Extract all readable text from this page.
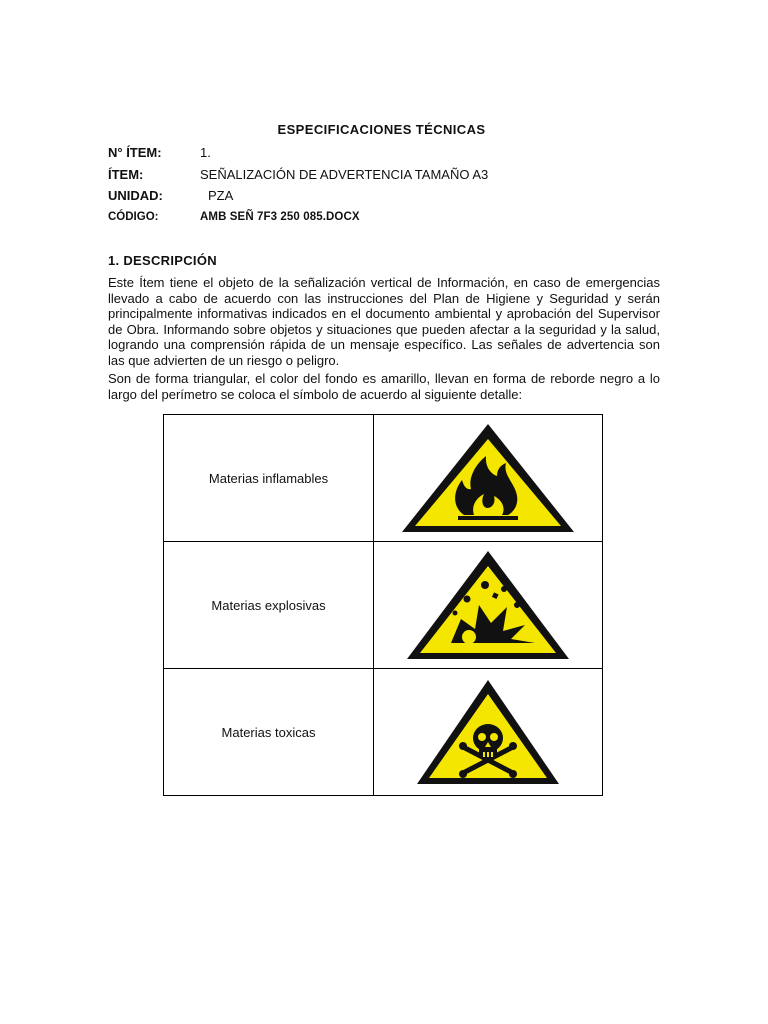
ESPECIFICACIONES TÉCNICAS
N° ÍTEM:	1.
ÍTEM:	SEÑALIZACIÓN DE ADVERTENCIA TAMAÑO A3
UNIDAD:	PZA
CÓDIGO:	AMB SEÑ 7F3 250 085.DOCX
1. DESCRIPCIÓN

Este Ítem tiene el objeto de la señalización vertical de Información, en caso de emergencias llevado a cabo de acuerdo con las instrucciones del Plan de Higiene y Seguridad y serán principalmente informativas indicados en el documento ambiental y aprobación del Supervisor de Obra. Informando sobre objetos y situaciones que pueden afectar a la seguridad y la salud, logrando una comprensión rápida de un mensaje específico. Las señales de advertencia son las que advierten de un riesgo o peligro.

Son de forma triangular, el color del fondo es amarillo, llevan en forma de reborde negro a lo largo del perímetro se coloca el símbolo de acuerdo al siguiente detalle:

Materias inflamables	

Materias explosivas	

Materias toxicas	
